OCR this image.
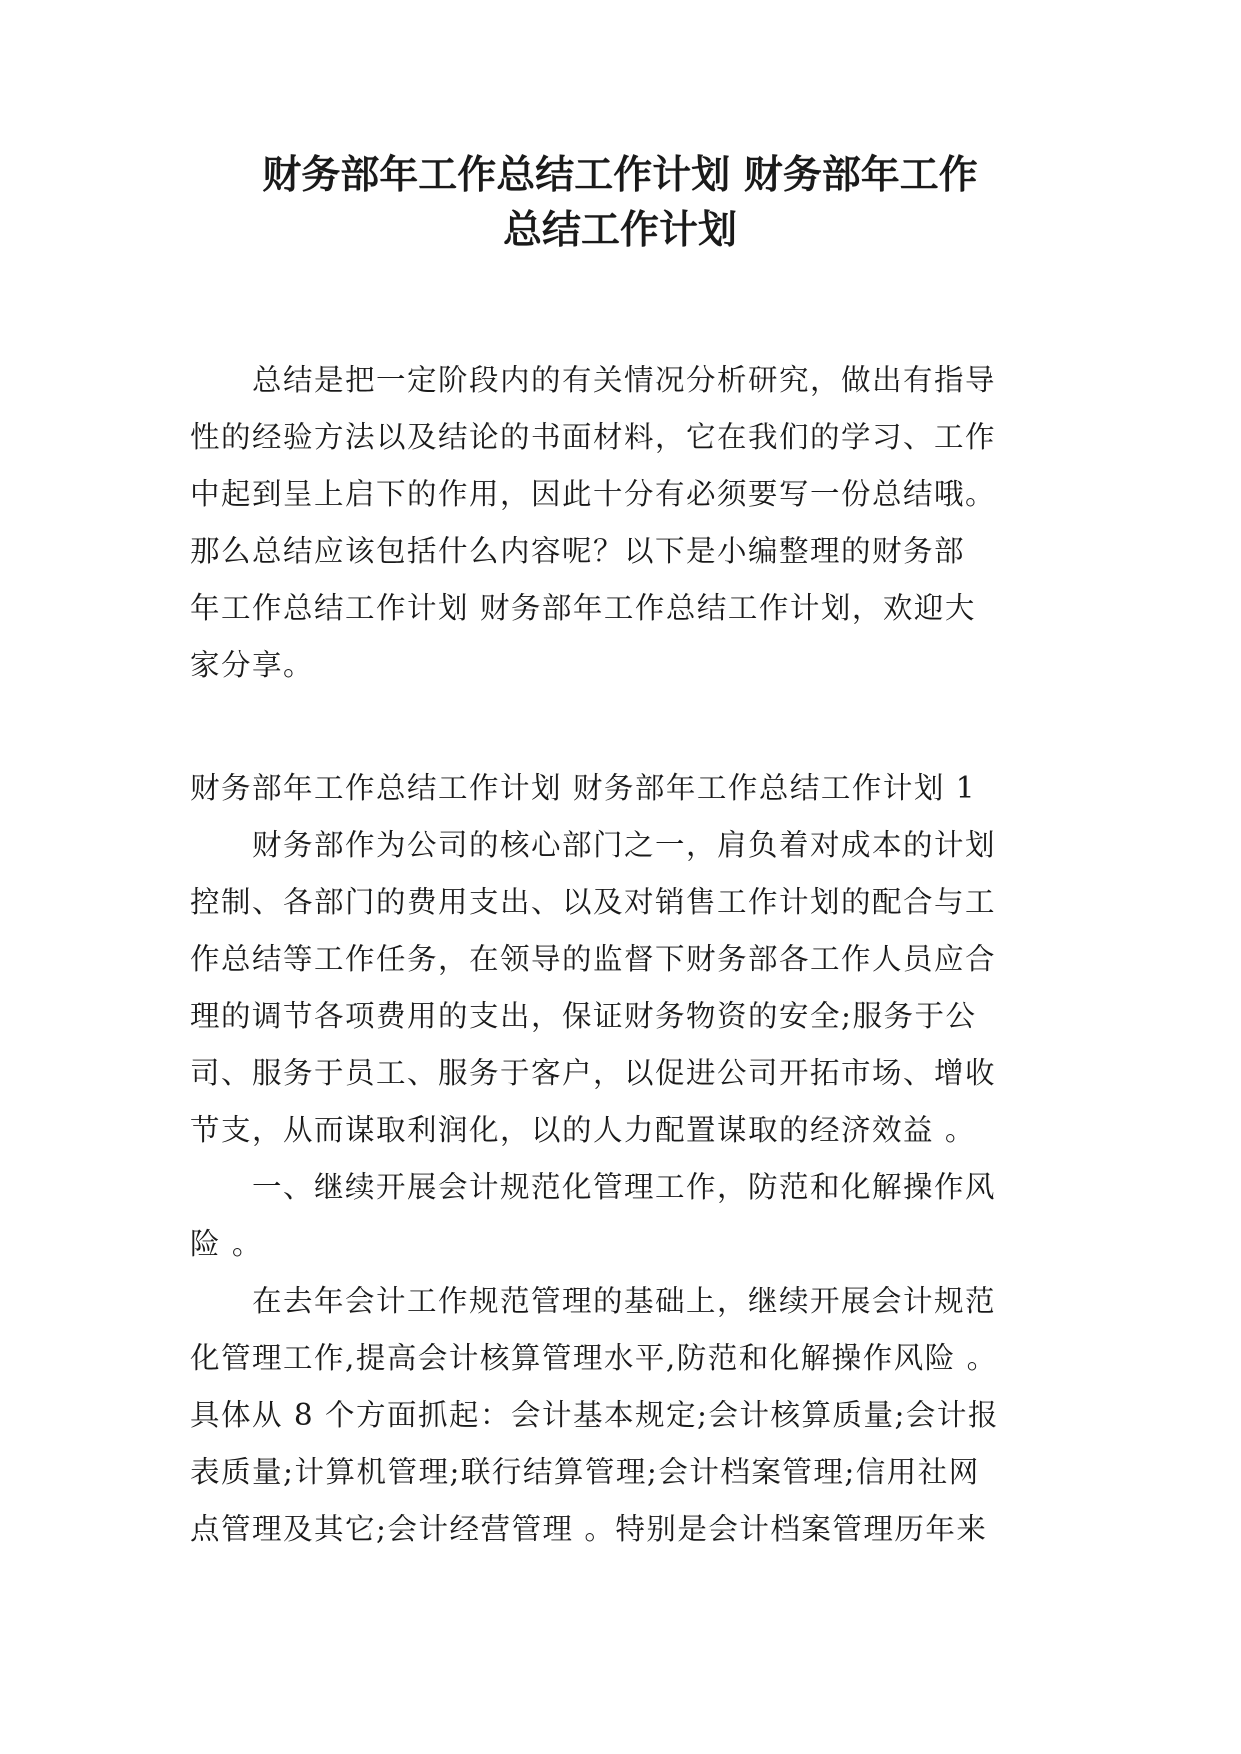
财务部年工作总结工作计划 财务部年工作
总结工作计划
总结是把一定阶段内的有关情况分析研究，做出有指导
性的经验方法以及结论的书面材料，它在我们的学习、工作
中起到呈上启下的作用，因此十分有必须要写一份总结哦。
那么总结应该包括什么内容呢？以下是小编整理的财务部
年工作总结工作计划 财务部年工作总结工作计划，欢迎大
家分享。
财务部年工作总结工作计划 财务部年工作总结工作计划 1
财务部作为公司的核心部门之一，肩负着对成本的计划
控制、各部门的费用支出、以及对销售工作计划的配合与工
作总结等工作任务，在领导的监督下财务部各工作人员应合
理的调节各项费用的支出，保证财务物资的安全;服务于公
司、服务于员工、服务于客户，以促进公司开拓市场、增收
节支，从而谋取利润化，以的人力配置谋取的经济效益 。
一、继续开展会计规范化管理工作，防范和化解操作风
险 。
在去年会计工作规范管理的基础上，继续开展会计规范
化管理工作,提高会计核算管理水平,防范和化解操作风险 。
具体从 8 个方面抓起：会计基本规定;会计核算质量;会计报
表质量;计算机管理;联行结算管理;会计档案管理;信用社网
点管理及其它;会计经营管理 。特别是会计档案管理历年来
